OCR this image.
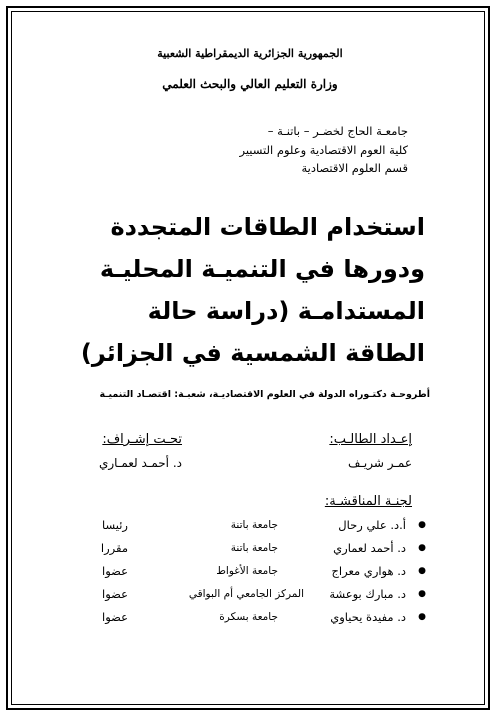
الجمهورية الجزائرية الديمقراطية الشعبية
وزارة التعليم العالي والبحث العلمي
جامعـة الحاج لخضـر – باتنـة –
كلية العوم الاقتصادية وعلوم التسيير
قسم العلوم الاقتصادية
استخدام الطاقات المتجددة ودورها في التنميـة المحليـة المستدامـة (دراسة حالة الطاقة الشمسية في الجزائر)
أطروحـة دكتـوراه الدولة في العلوم الاقتصاديـة، شعبـة: اقتصـاد التنميـة
إعـداد الطالـب:
عمـر شريـف
تحـت إشـراف:
د. أحمـد لعمـاري
لجنـة المناقشـة:
●
أ.د. علي رحال
جامعة باتنة
رئيسا
●
د. أحمد لعماري
جامعة باتنة
مقررا
●
د. هواري معراج
جامعة الأغواط
عضوا
●
د. مبارك بوعشة
المركز الجامعي أم البواقي
عضوا
●
د. مفيدة يحياوي
جامعة بسكرة
عضوا
